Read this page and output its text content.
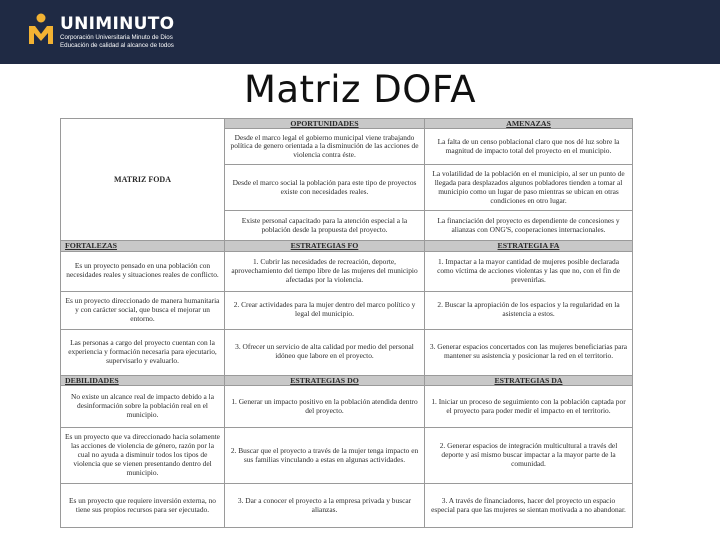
UNIMINUTO
Corporación Universitaria Minuto de Dios
Educación de calidad al alcance de todos
Matriz DOFA
MATRIZ FODA	OPORTUNIDADES	AMENAZAS
	Desde el marco legal el gobierno municipal viene trabajando política de genero orientada a la disminución de las acciones de violencia contra éste.	La falta de un censo poblacional claro que nos dé luz sobre la magnitud de impacto total del proyecto en el municipio.
	Desde el marco social la población para este tipo de proyectos existe con necesidades reales.	La volatilidad de la población en el municipio, al ser un punto de llegada para desplazados algunos pobladores tienden a tomar al municipio como un lugar de paso mientras se ubican en otras condiciones en otro lugar.
	Existe personal capacitado para la atención especial a la población desde la propuesta del proyecto.	La financiación del proyecto es dependiente de concesiones y alianzas con ONG'S, cooperaciones internacionales.
FORTALEZAS	ESTRATEGIAS FO	ESTRATEGIA FA
Es un proyecto pensado en una población con necesidades reales y situaciones reales de conflicto.	1. Cubrir las necesidades de recreación, deporte, aprovechamiento del tiempo libre de las mujeres del municipio afectadas por la violencia.	1. Impactar a la mayor cantidad de mujeres posible declarada como víctima de acciones violentas y las que no, con el fin de prevenirlas.
Es un proyecto direccionado de manera humanitaria y con carácter social, que busca el mejorar un entorno.	2. Crear actividades para la mujer dentro del marco político y legal del municipio.	2. Buscar la apropiación de los espacios y la regularidad en la asistencia a estos.
Las personas a cargo del proyecto cuentan con la experiencia y formación necesaria para ejecutario, supervisarlo y evaluarlo.	3. Ofrecer un servicio de alta calidad por medio del personal idóneo que labore en el proyecto.	3. Generar espacios concertados con las mujeres beneficiarias para mantener su asistencia y posicionar la red en el territorio.
DEBILIDADES	ESTRATEGIAS DO	ESTRATEGIAS DA
No existe un alcance real de impacto debido a la desinformación sobre la población real en el municipio.	1. Generar un impacto positivo en la población atendida dentro del proyecto.	1. Iniciar un proceso de seguimiento con la población captada por el proyecto para poder medir el impacto en el territorio.
Es un proyecto que va direccionado hacia solamente las acciones de violencia de género, razón por la cual no ayuda a disminuir todos los tipos de violencia que se vienen presentando dentro del municipio.	2. Buscar que el proyecto a través de la mujer tenga impacto en sus familias vinculando a estas en algunas actividades.	2. Generar espacios de integración multicultural a través del deporte y así mismo buscar impactar a la mayor parte de la comunidad.
Es un proyecto que requiere inversión externa, no tiene sus propios recursos para ser ejecutado.	3. Dar a conocer el proyecto a la empresa privada y buscar alianzas.	3. A través de financiadores, hacer del proyecto un espacio especial para que las mujeres se sientan motivada a no abandonar.
